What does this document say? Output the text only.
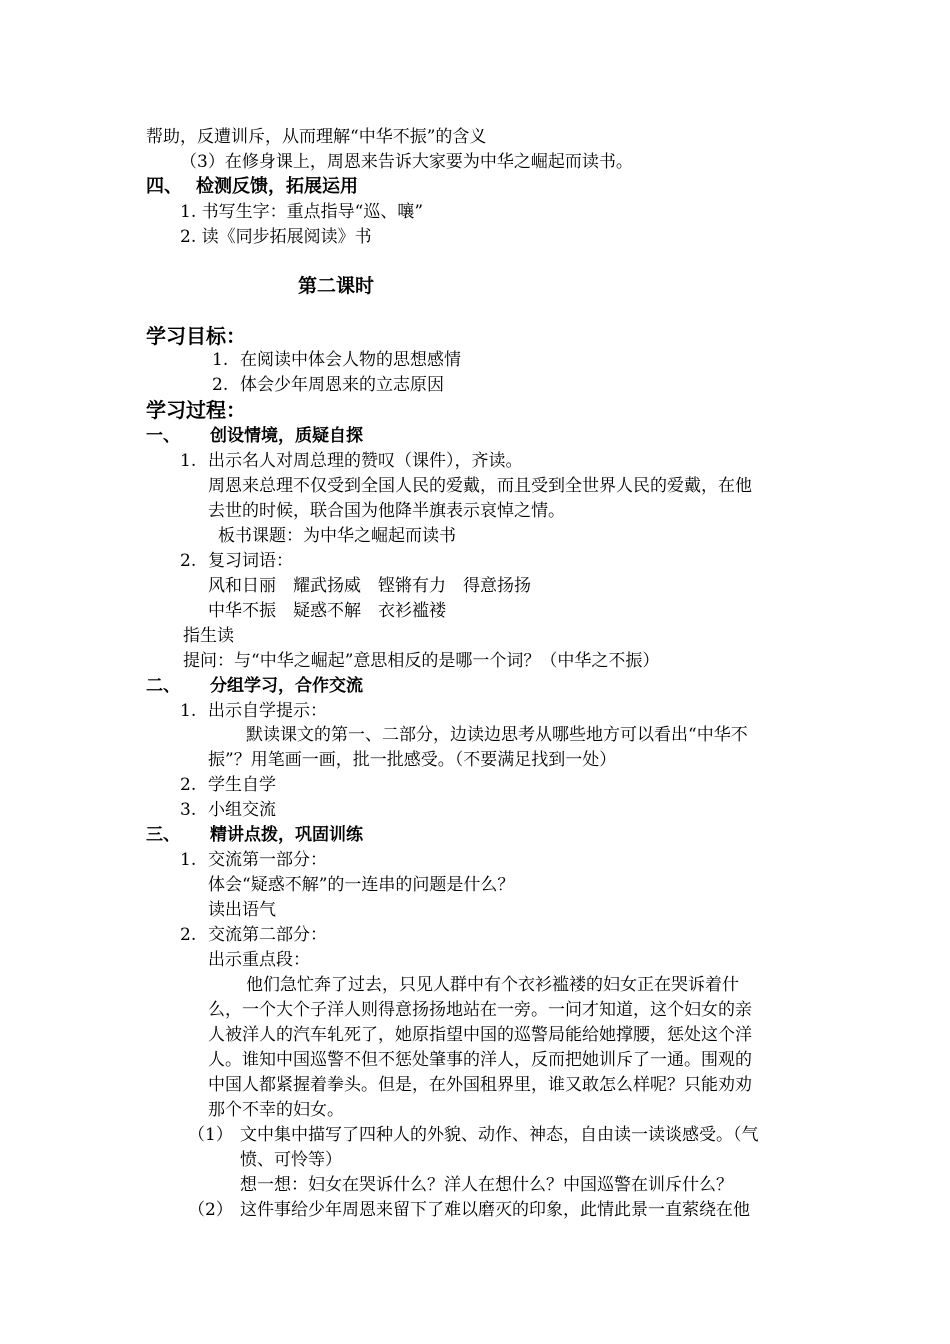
帮助，反遭训斥，从而理解“中华不振”的含义
（3）在修身课上，周恩来告诉大家要为中华之崛起而读书。
四、 检测反馈，拓展运用
1. 书写生字：重点指导“巡、嚷”
2. 读《同步拓展阅读》书
第二课时
学习目标：
1. 在阅读中体会人物的思想感情
2. 体会少年周恩来的立志原因
学习过程：
一、 创设情境，质疑自探
1. 出示名人对周总理的赞叹（课件），齐读。
周恩来总理不仅受到全国人民的爱戴，而且受到全世界人民的爱戴，在他
去世的时候，联合国为他降半旗表示哀悼之情。
板书课题：为中华之崛起而读书
2. 复习词语：
风和日丽　耀武扬威　铿锵有力　得意扬扬
中华不振　疑惑不解　衣衫褴褛
指生读
提问：与“中华之崛起”意思相反的是哪一个词？（中华之不振）
二、 分组学习，合作交流
1. 出示自学提示：
默读课文的第一、二部分，边读边思考从哪些地方可以看出“中华不
振”？用笔画一画，批一批感受。（不要满足找到一处）
2. 学生自学
3. 小组交流
三、 精讲点拨，巩固训练
1. 交流第一部分：
体会“疑惑不解”的一连串的问题是什么？
读出语气
2. 交流第二部分：
出示重点段：
他们急忙奔了过去，只见人群中有个衣衫褴褛的妇女正在哭诉着什
么，一个大个子洋人则得意扬扬地站在一旁。一问才知道，这个妇女的亲
人被洋人的汽车轧死了，她原指望中国的巡警局能给她撑腰，惩处这个洋
人。谁知中国巡警不但不惩处肇事的洋人，反而把她训斥了一通。围观的
中国人都紧握着拳头。但是，在外国租界里，谁又敢怎么样呢？只能劝劝
那个不幸的妇女。
（1） 文中集中描写了四种人的外貌、动作、神态，自由读一读谈感受。（气
愤、可怜等）
想一想：妇女在哭诉什么？洋人在想什么？中国巡警在训斥什么？
（2） 这件事给少年周恩来留下了难以磨灭的印象，此情此景一直萦绕在他
